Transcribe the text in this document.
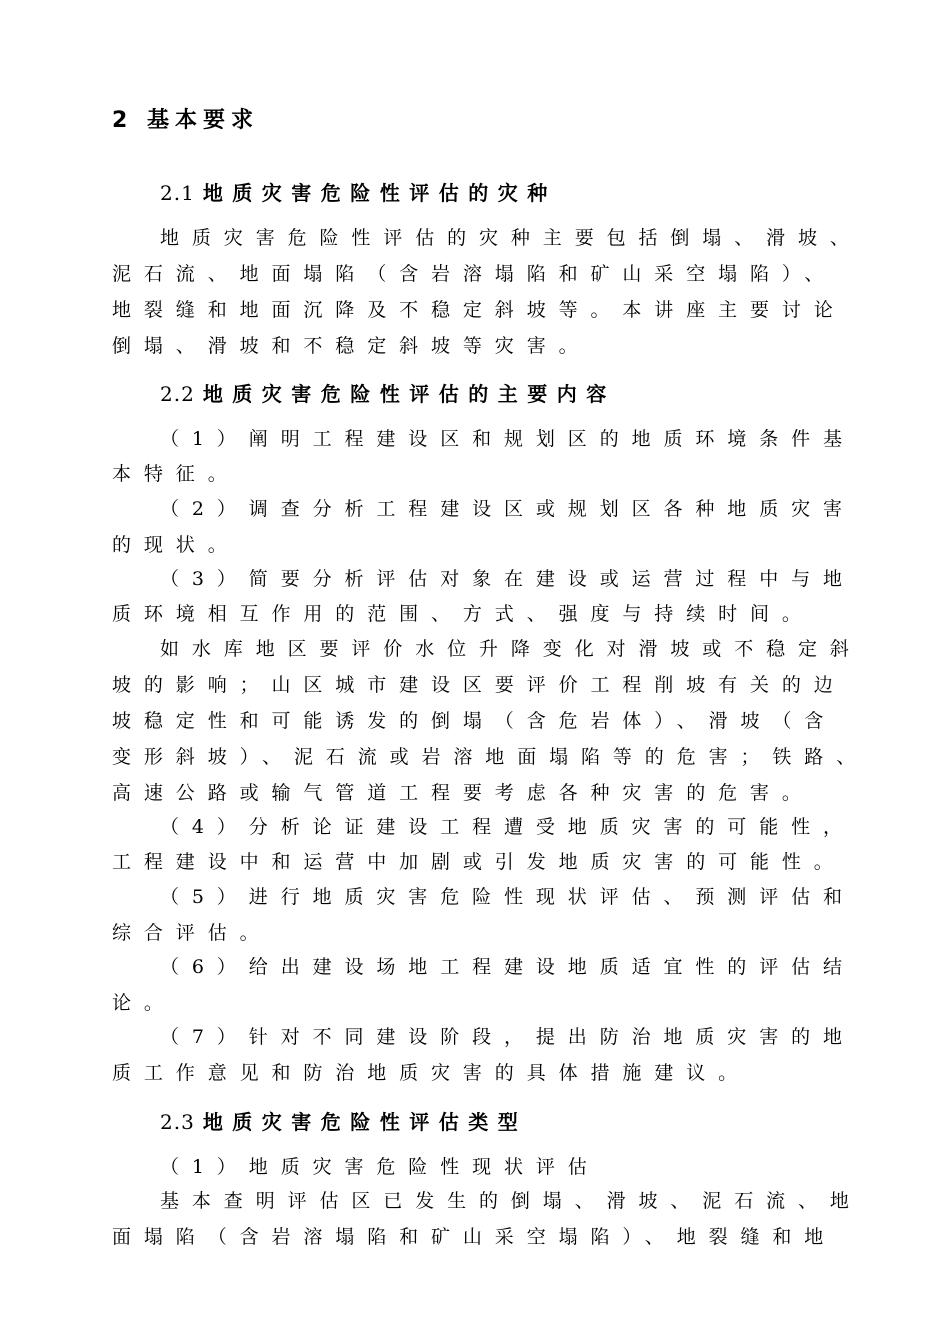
2 基本要求
2.1 地质灾害危险性评估的灾种
地质灾害危险性评估的灾种主要包括倒塌、滑坡、
泥石流、地面塌陷（含岩溶塌陷和矿山采空塌陷）、
地裂缝和地面沉降及不稳定斜坡等。本讲座主要讨论
倒塌、滑坡和不稳定斜坡等灾害。
2.2 地质灾害危险性评估的主要内容
（1）阐明工程建设区和规划区的地质环境条件基
本特征。
（2）调查分析工程建设区或规划区各种地质灾害
的现状。
（3）简要分析评估对象在建设或运营过程中与地
质环境相互作用的范围、方式、强度与持续时间。
如水库地区要评价水位升降变化对滑坡或不稳定斜
坡的影响；山区城市建设区要评价工程削坡有关的边
坡稳定性和可能诱发的倒塌（含危岩体）、滑坡（含
变形斜坡）、泥石流或岩溶地面塌陷等的危害；铁路、
高速公路或输气管道工程要考虑各种灾害的危害。
（4）分析论证建设工程遭受地质灾害的可能性，
工程建设中和运营中加剧或引发地质灾害的可能性。
（5）进行地质灾害危险性现状评估、预测评估和
综合评估。
（6）给出建设场地工程建设地质适宜性的评估结
论。
（7）针对不同建设阶段，提出防治地质灾害的地
质工作意见和防治地质灾害的具体措施建议。
2.3 地质灾害危险性评估类型
（1）地质灾害危险性现状评估
基本查明评估区已发生的倒塌、滑坡、泥石流、地
面塌陷（含岩溶塌陷和矿山采空塌陷）、地裂缝和地
